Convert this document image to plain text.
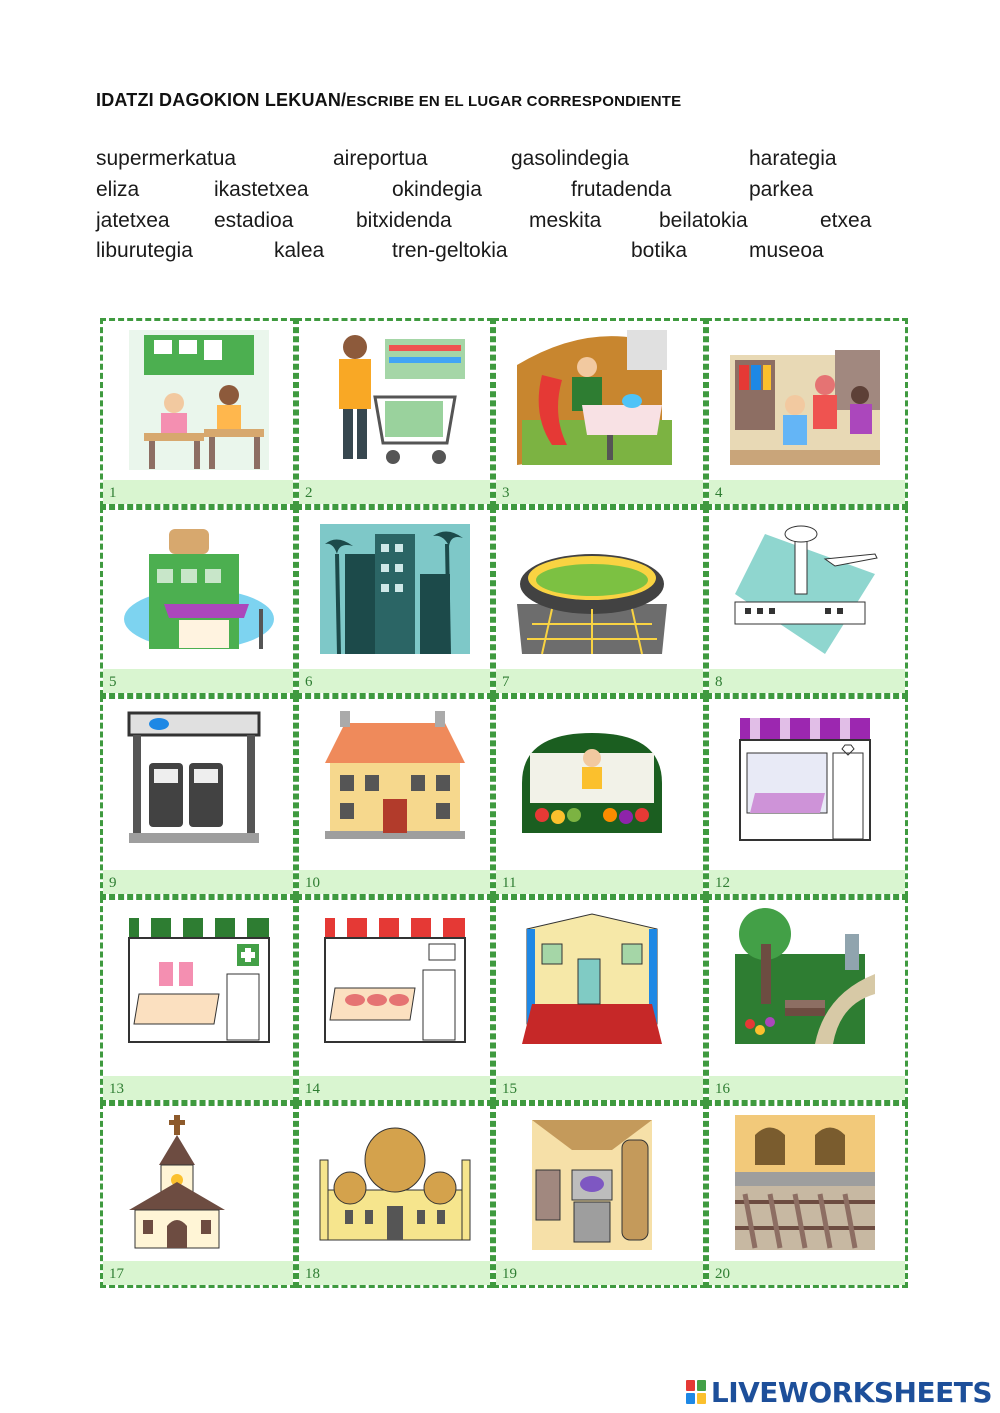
IDATZI DAGOKION LEKUAN/ESCRIBE EN EL LUGAR CORRESPONDIENTE
supermerkatua	aireportua	gasolindegia	harategia
eliza	ikastetxea	okindegia	frutadenda	parkea
jatetxea estadioa	bitxidenda	meskita	beilatokia	etxea
liburutegia	kalea	tren-geltokia	botika	museoa
1	2	3	4
5	6	7	8
9	10	11	12
13	14	15	16
17	18	19	20
LIVEWORKSHEETS
